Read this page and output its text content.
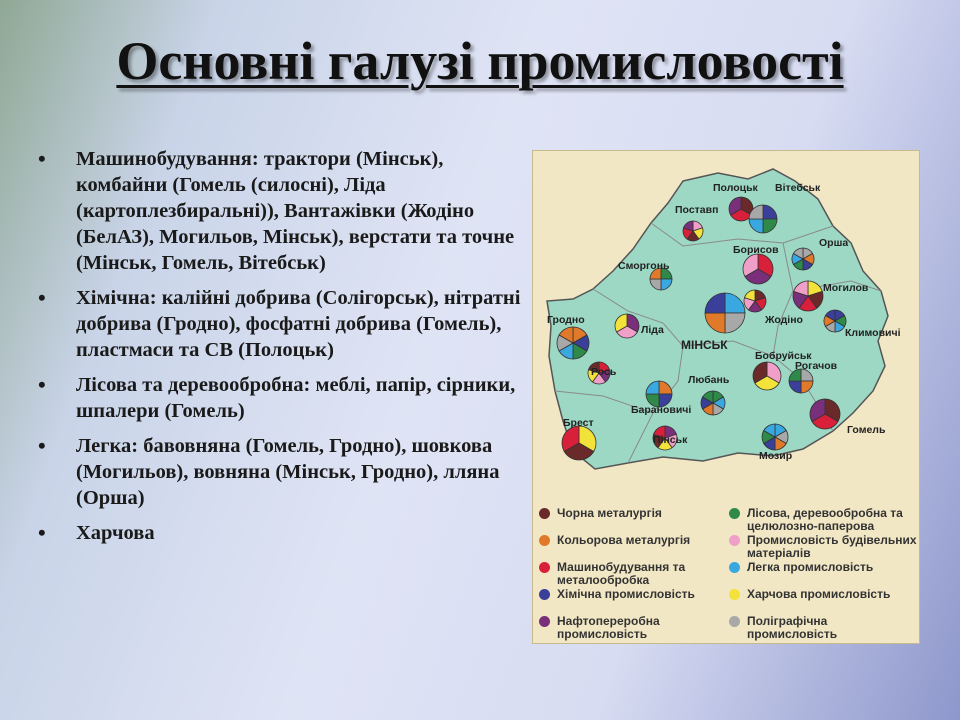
Основні галузі промисловості
• Машинобудування: трактори (Мінськ), комбайни (Гомель (силосні), Ліда (картоплезбиральні)), Вантажівки (Жодіно (БелАЗ), Могильов, Мінськ), верстати та точне (Мінськ, Гомель, Вітебськ)
• Хімічна: калійні добрива (Солігорськ), нітратні добрива (Гродно), фосфатні добрива (Гомель), пластмаси та СВ (Полоцьк)
• Лісова та деревообробна: меблі, папір, сірники, шпалери (Гомель)
• Легка: бавовняна (Гомель, Гродно), шовкова (Могильов), вовняна (Мінськ, Гродно), лляна (Орша)
• Харчова
Полоцьк Вітебськ
Поставп
Орша
Борисов
Сморгонь
Могилов
Гродно
Ліда
МІНСЬК
Жодіно
Климовичі
Бобруйськ
Рогачов
Рось
Любань
Брест
Барановичі
Пінськ
Мозир
Гомель
Чорна металургія
Кольорова металургія
Машинобудування та металообробка
Хімічна промисловість
Нафтопереробна промисловість
Лісова, деревообробна та целюлозно-паперова
Промисловість будівельних матеріалів
Легка промисловість
Харчова промисловість
Поліграфічна промисловість
